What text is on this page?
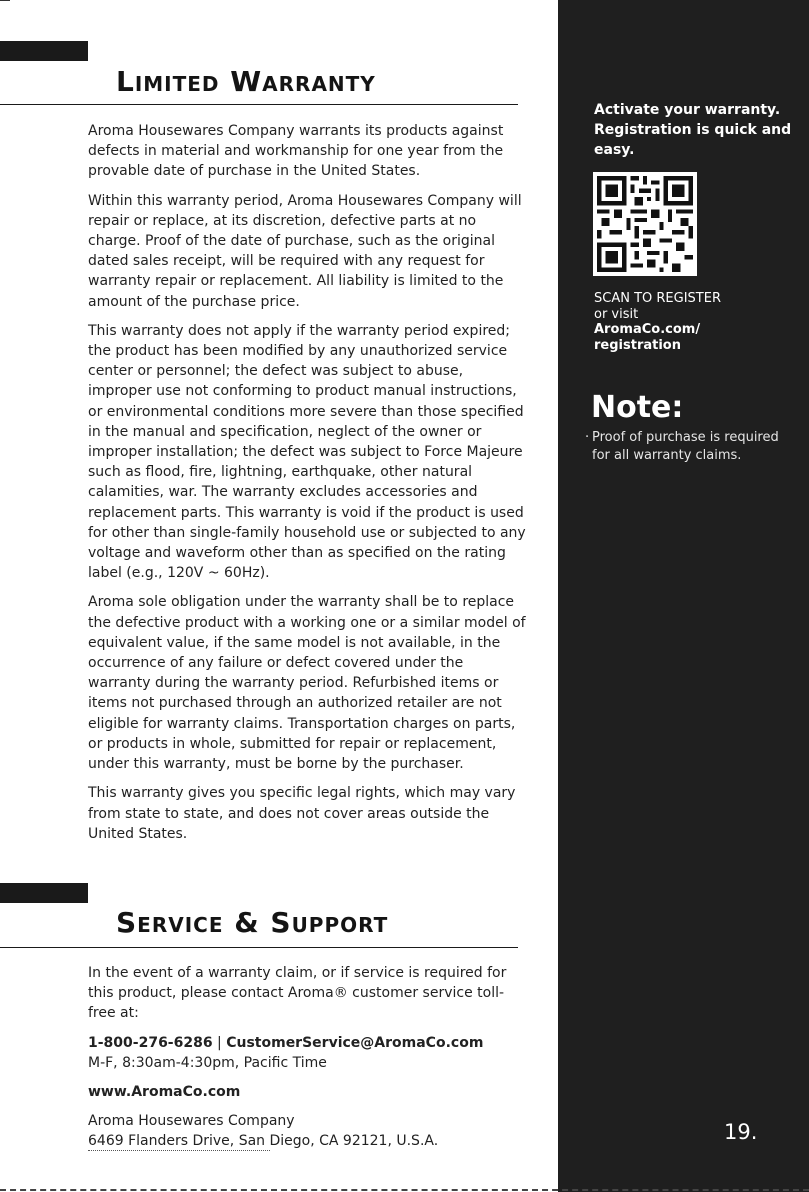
Limited Warranty

Aroma Housewares Company warrants its products against defects in material and workmanship for one year from the provable date of purchase in the United States.

Within this warranty period, Aroma Housewares Company will repair or replace, at its discretion, defective parts at no charge. Proof of the date of purchase, such as the original dated sales receipt, will be required with any request for warranty repair or replacement. All liability is limited to the amount of the purchase price.

This warranty does not apply if the warranty period expired; the product has been modified by any unauthorized service center or personnel; the defect was subject to abuse, improper use not conforming to product manual instructions, or environmental conditions more severe than those specified in the manual and specification, neglect of the owner or improper installation; the defect was subject to Force Majeure such as flood, fire, lightning, earthquake, other natural calamities, war. The warranty excludes accessories and replacement parts. This warranty is void if the product is used for other than single-family household use or subjected to any voltage and waveform other than as specified on the rating label (e.g., 120V ~ 60Hz).

Aroma sole obligation under the warranty shall be to replace the defective product with a working one or a similar model of equivalent value, if the same model is not available, in the occurrence of any failure or defect covered under the warranty during the warranty period. Refurbished items or items not purchased through an authorized retailer are not eligible for warranty claims. Transportation charges on parts, or products in whole, submitted for repair or replacement, under this warranty, must be borne by the purchaser.

This warranty gives you specific legal rights, which may vary from state to state, and does not cover areas outside the United States.

Service & Support

In the event of a warranty claim, or if service is required for this product, please contact Aroma® customer service toll-free at:

1-800-276-6286 | CustomerService@AromaCo.com

M-F, 8:30am-4:30pm, Pacific Time

www.AromaCo.com

Aroma Housewares Company

6469 Flanders Drive, San Diego, CA 92121, U.S.A.

Activate your warranty. Registration is quick and easy.
SCAN TO REGISTER
or visit
AromaCo.com/
registration
Note:
· Proof of purchase is required for all warranty claims.
19.
